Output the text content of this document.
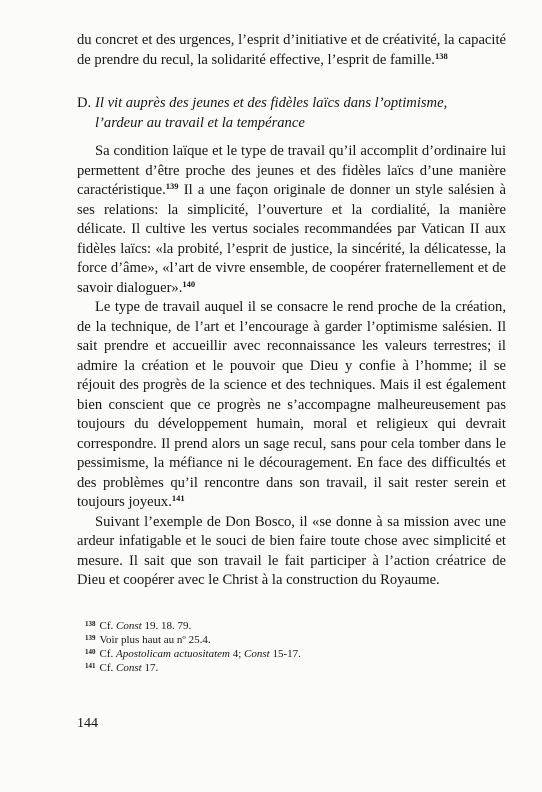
du concret et des urgences, l’esprit d’initiative et de créativité, la capacité de prendre du recul, la solidarité effective, l’esprit de famille.$^{138}$

D. Il vit auprès des jeunes et des fidèles laïcs dans l’optimisme,
l’ardeur au travail et la tempérance

Sa condition laïque et le type de travail qu’il accomplit d’ordinaire lui permettent d’être proche des jeunes et des fidèles laïcs d’une manière caractéristique.$^{139}$ Il a une façon originale de donner un style salésien à ses relations: la simplicité, l’ouverture et la cordialité, la manière délicate. Il cultive les vertus sociales recommandées par Vatican II aux fidèles laïcs: «la probité, l’esprit de justice, la sincérité, la délicatesse, la force d’âme», «l’art de vivre ensemble, de coopérer fraternellement et de savoir dialoguer».$^{140}$

Le type de travail auquel il se consacre le rend proche de la création, de la technique, de l’art et l’encourage à garder l’optimisme salésien. Il sait prendre et accueillir avec reconnaissance les valeurs terrestres; il admire la création et le pouvoir que Dieu y confie à l’homme; il se réjouit des progrès de la science et des techniques. Mais il est également bien conscient que ce progrès ne s’accompagne malheureusement pas toujours du développement humain, moral et religieux qui devrait correspondre. Il prend alors un sage recul, sans pour cela tomber dans le pessimisme, la méfiance ni le découragement. En face des difficultés et des problèmes qu’il rencontre dans son travail, il sait rester serein et toujours joyeux.$^{141}$

Suivant l’exemple de Don Bosco, il «se donne à sa mission avec une ardeur infatigable et le souci de bien faire toute chose avec simplicité et mesure. Il sait que son travail le fait participer à l’action créatrice de Dieu et coopérer avec le Christ à la construction du Royaume.

$^{138}$ Cf. Const 19. 18. 79.
$^{139}$ Voir plus haut au nº 25.4.
$^{140}$ Cf. Apostolicam actuositatem 4; Const 15-17.
$^{141}$ Cf. Const 17.
144
